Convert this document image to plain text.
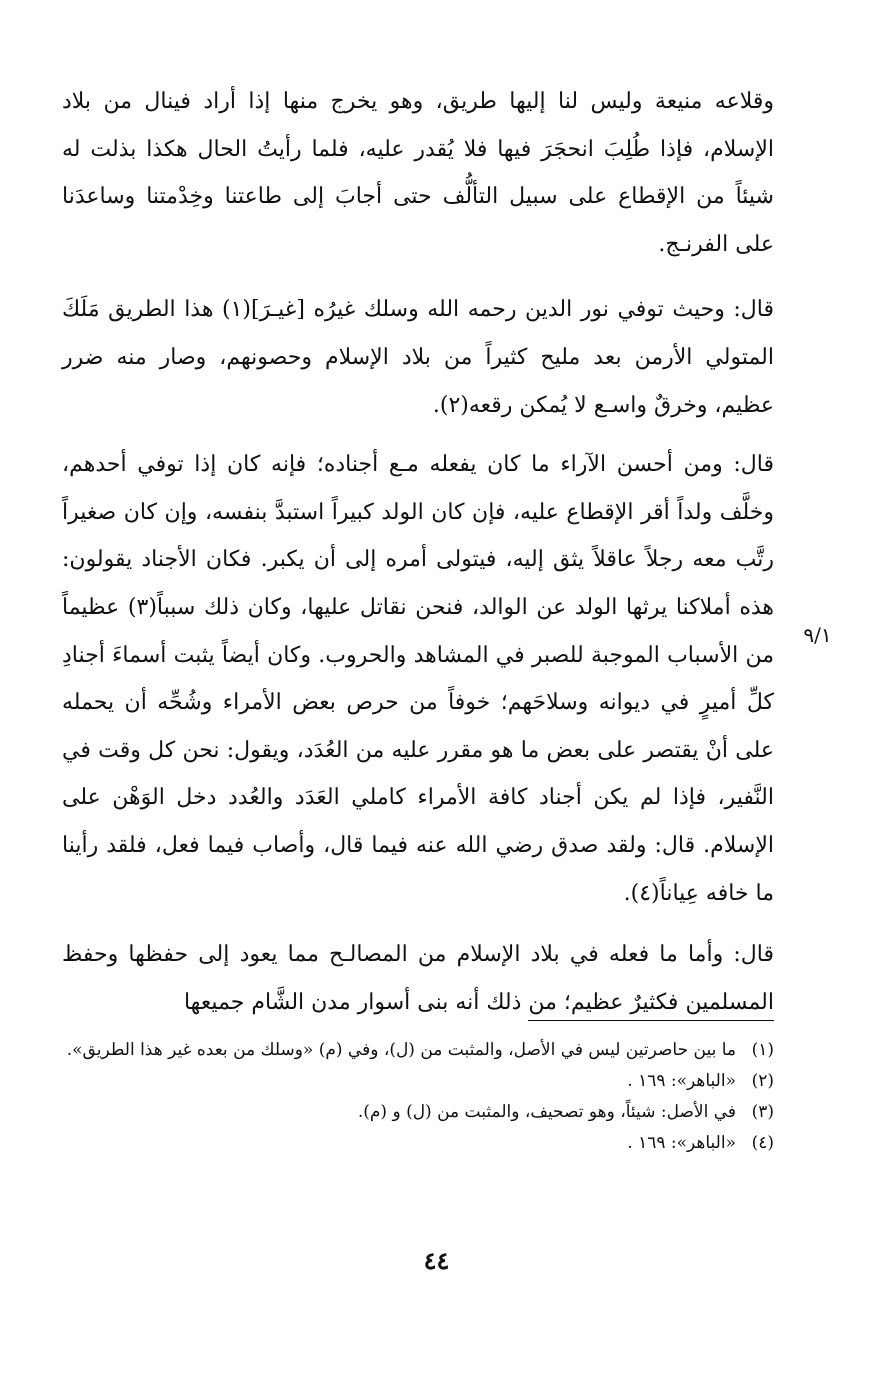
وقلاعه منيعة وليس لنا إليها طريق، وهو يخرج منها إذا أراد فينال من بلاد الإسلام، فإذا طُلِبَ انحجَرَ فيها فلا يُقدر عليه، فلما رأيتُ الحال هكذا بذلت له شيئاً من الإقطاع على سبيل التألُّف حتى أجابَ إلى طاعتنا وخِدْمتنا وساعدَنا على الفرنـج.

قال: وحيث توفي نور الدين رحمه الله وسلك غيرُه [غيـرَ](١) هذا الطريق مَلَكَ المتولي الأرمن بعد مليح كثيراً من بلاد الإسلام وحصونهم، وصار منه ضرر عظيم، وخرقٌ واسـع لا يُمكن رقعه(٢).

قال: ومن أحسن الآراء ما كان يفعله مـع أجناده؛ فإنه كان إذا توفي أحدهم، وخلَّف ولداً أقر الإقطاع عليه، فإن كان الولد كبيراً استبدَّ بنفسه، وإن كان صغيراً رتَّب معه رجلاً عاقلاً يثق إليه، فيتولى أمره إلى أن يكبر. فكان الأجناد يقولون: هذه أملاكنا يرثها الولد عن الوالد، فنحن نقاتل عليها، وكان ذلك سبباً(٣) عظيماً من الأسباب الموجبة للصبر في المشاهد والحروب. وكان أيضاً يثبت أسماءَ أجنادِ كلِّ أميرٍ في ديوانه وسلاحَهم؛ خوفاً من حرص بعض الأمراء وشُحِّه أن يحمله على أنْ يقتصر على بعض ما هو مقرر عليه من العُدَد، ويقول: نحن كل وقت في النَّفير، فإذا لم يكن أجناد كافة الأمراء كاملي العَدَد والعُدد دخل الوَهْن على الإسلام. قال: ولقد صدق رضي الله عنه فيما قال، وأصاب فيما فعل، فلقد رأينا ما خافه عِياناً(٤).

قال: وأما ما فعله في بلاد الإسلام من المصالـح مما يعود إلى حفظها وحفظ المسلمين فكثيرٌ عظيم؛ من ذلك أنه بنى أسوار مدن الشَّام جميعها

٩/١

(١)ما بين حاصرتين ليس في الأصل، والمثبت من (ل)، وفي (م) «وسلك من بعده غير هذا الطريق».

(٢)«الباهر»: ١٦٩ .

(٣)في الأصل: شيئاً، وهو تصحيف، والمثبت من (ل) و (م).

(٤)«الباهر»: ١٦٩ .

٤٤
